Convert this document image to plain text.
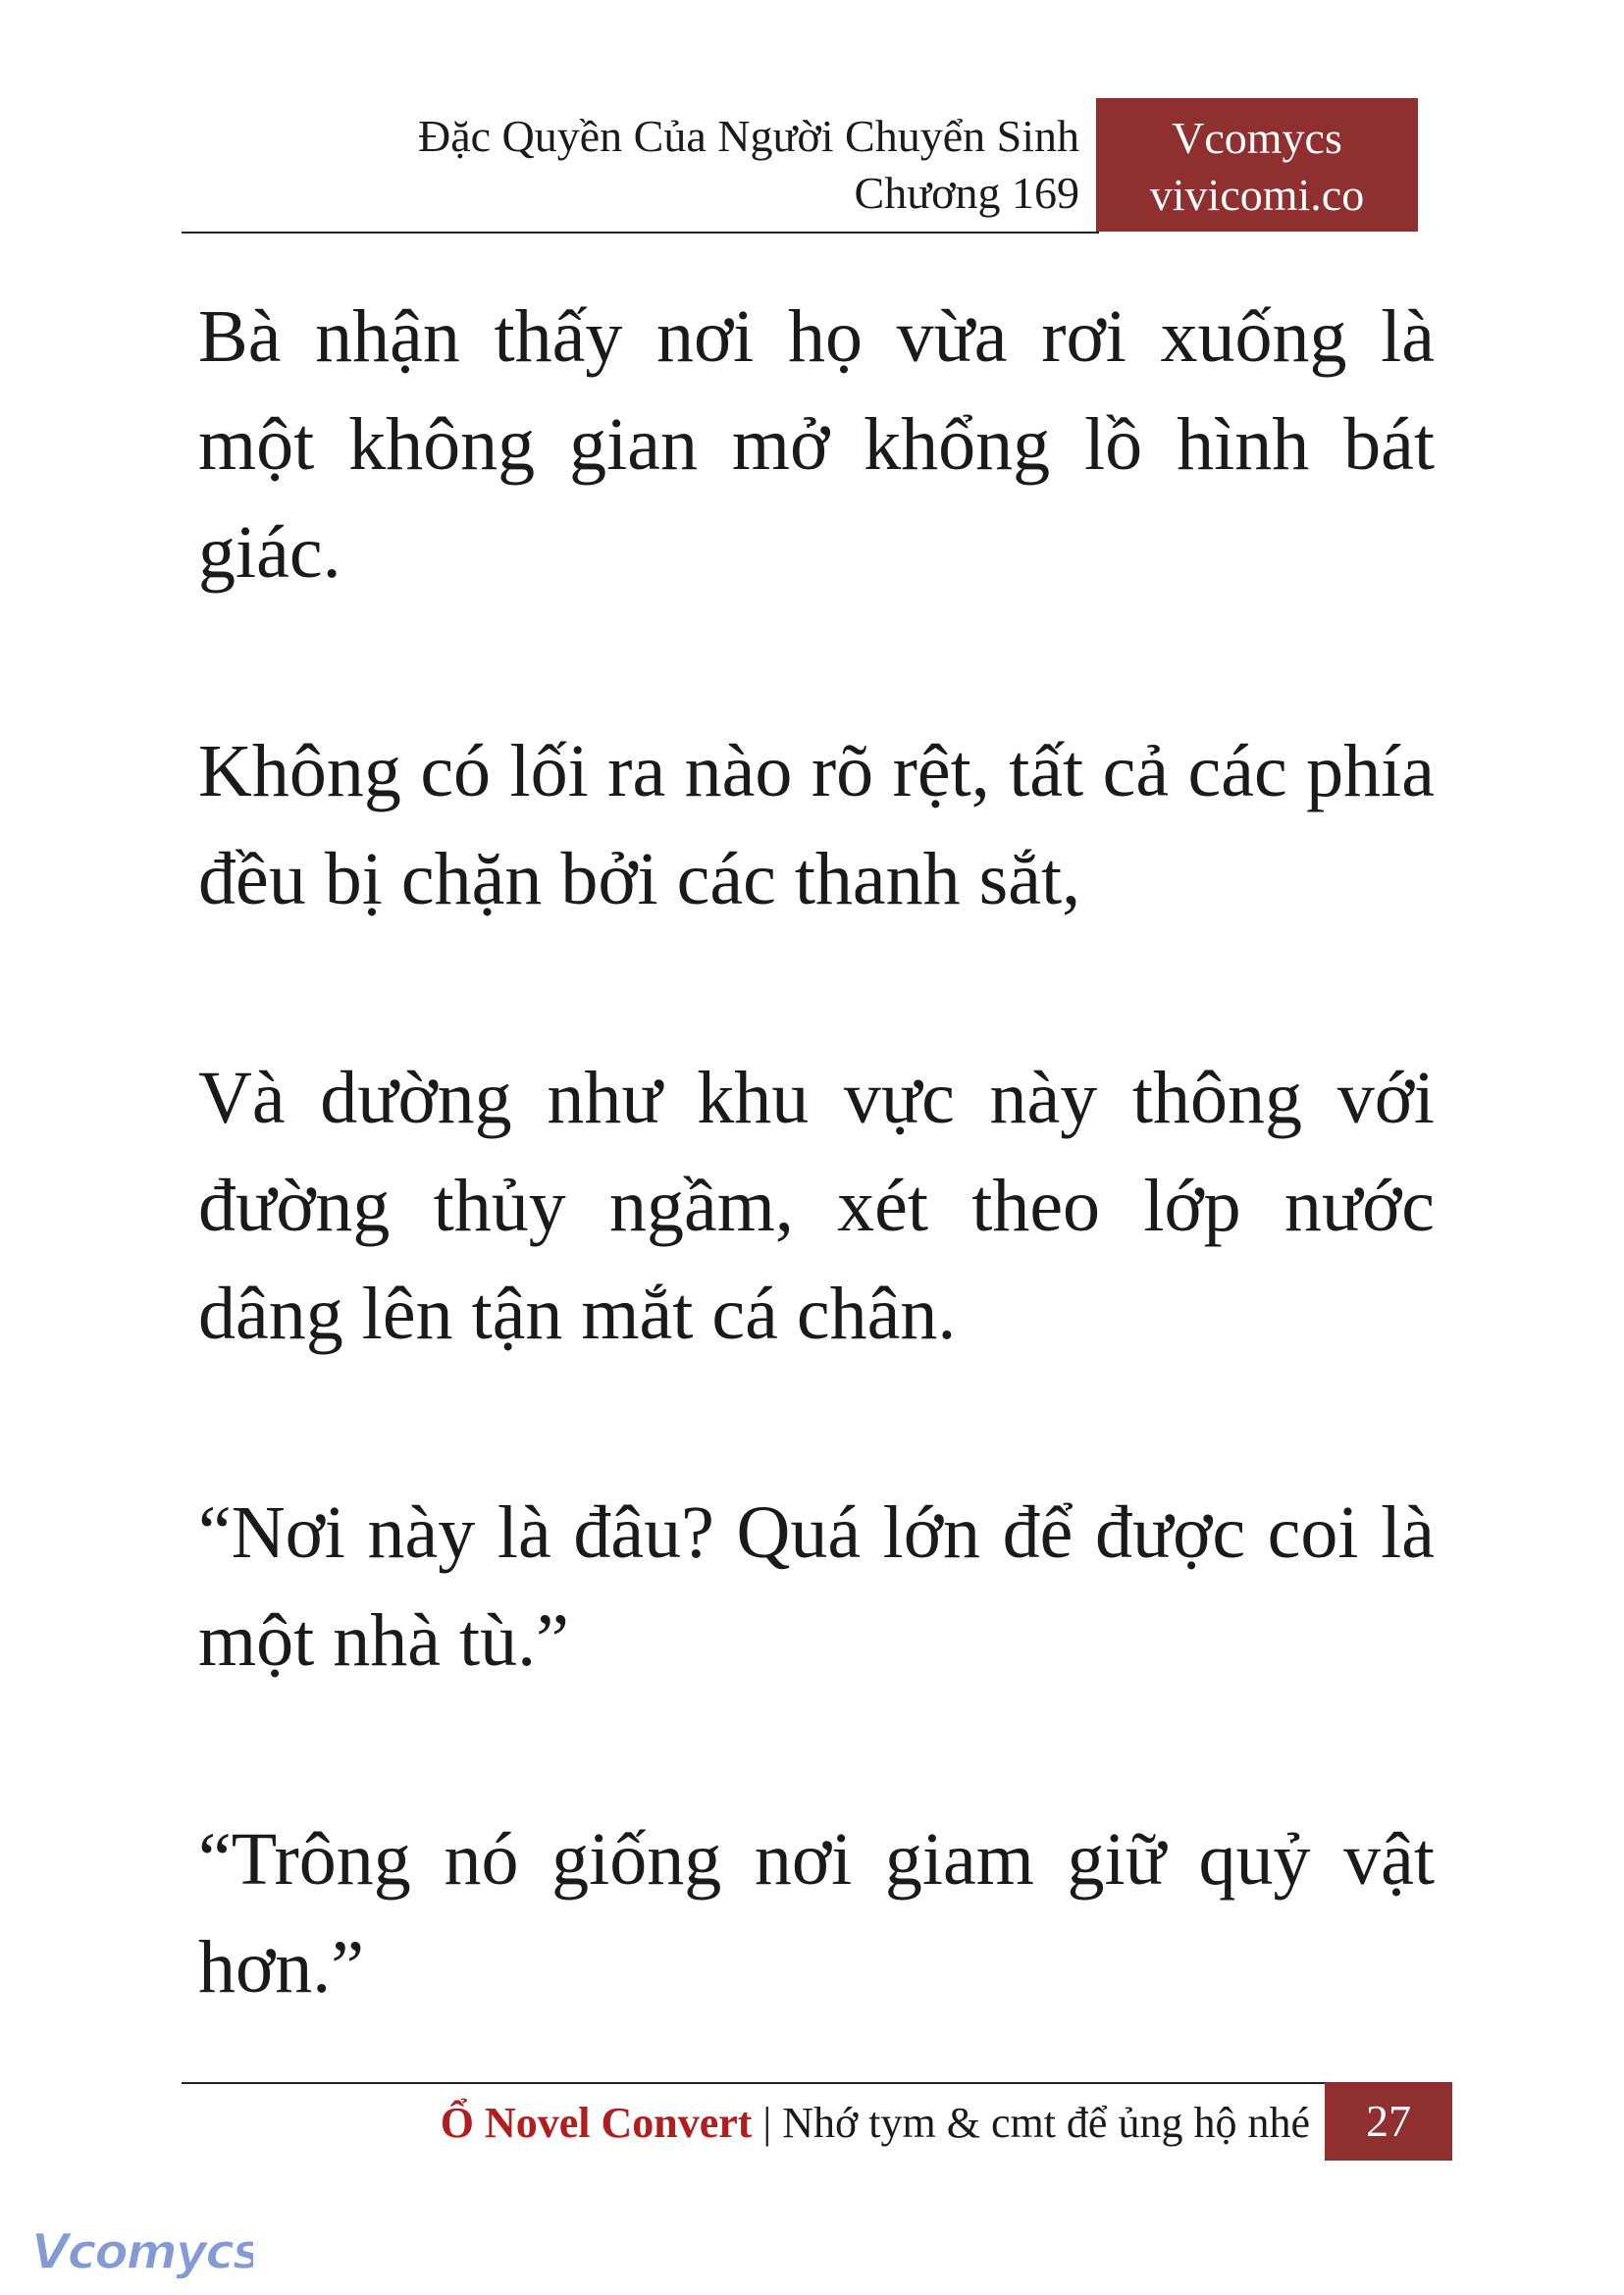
Đặc Quyền Của Người Chuyển Sinh
Chương 169
Vcomycs
vivicomi.co

Bà nhận thấy nơi họ vừa rơi xuống là một không gian mở khổng lồ hình bát giác.

Không có lối ra nào rõ rệt, tất cả các phía đều bị chặn bởi các thanh sắt,

Và dường như khu vực này thông với đường thủy ngầm, xét theo lớp nước dâng lên tận mắt cá chân.

“Nơi này là đâu? Quá lớn để được coi là một nhà tù.”

“Trông nó giống nơi giam giữ quỷ vật hơn.”

Ổ Novel Convert | Nhớ tym & cmt để ủng hộ nhé	27
Vcomycs
